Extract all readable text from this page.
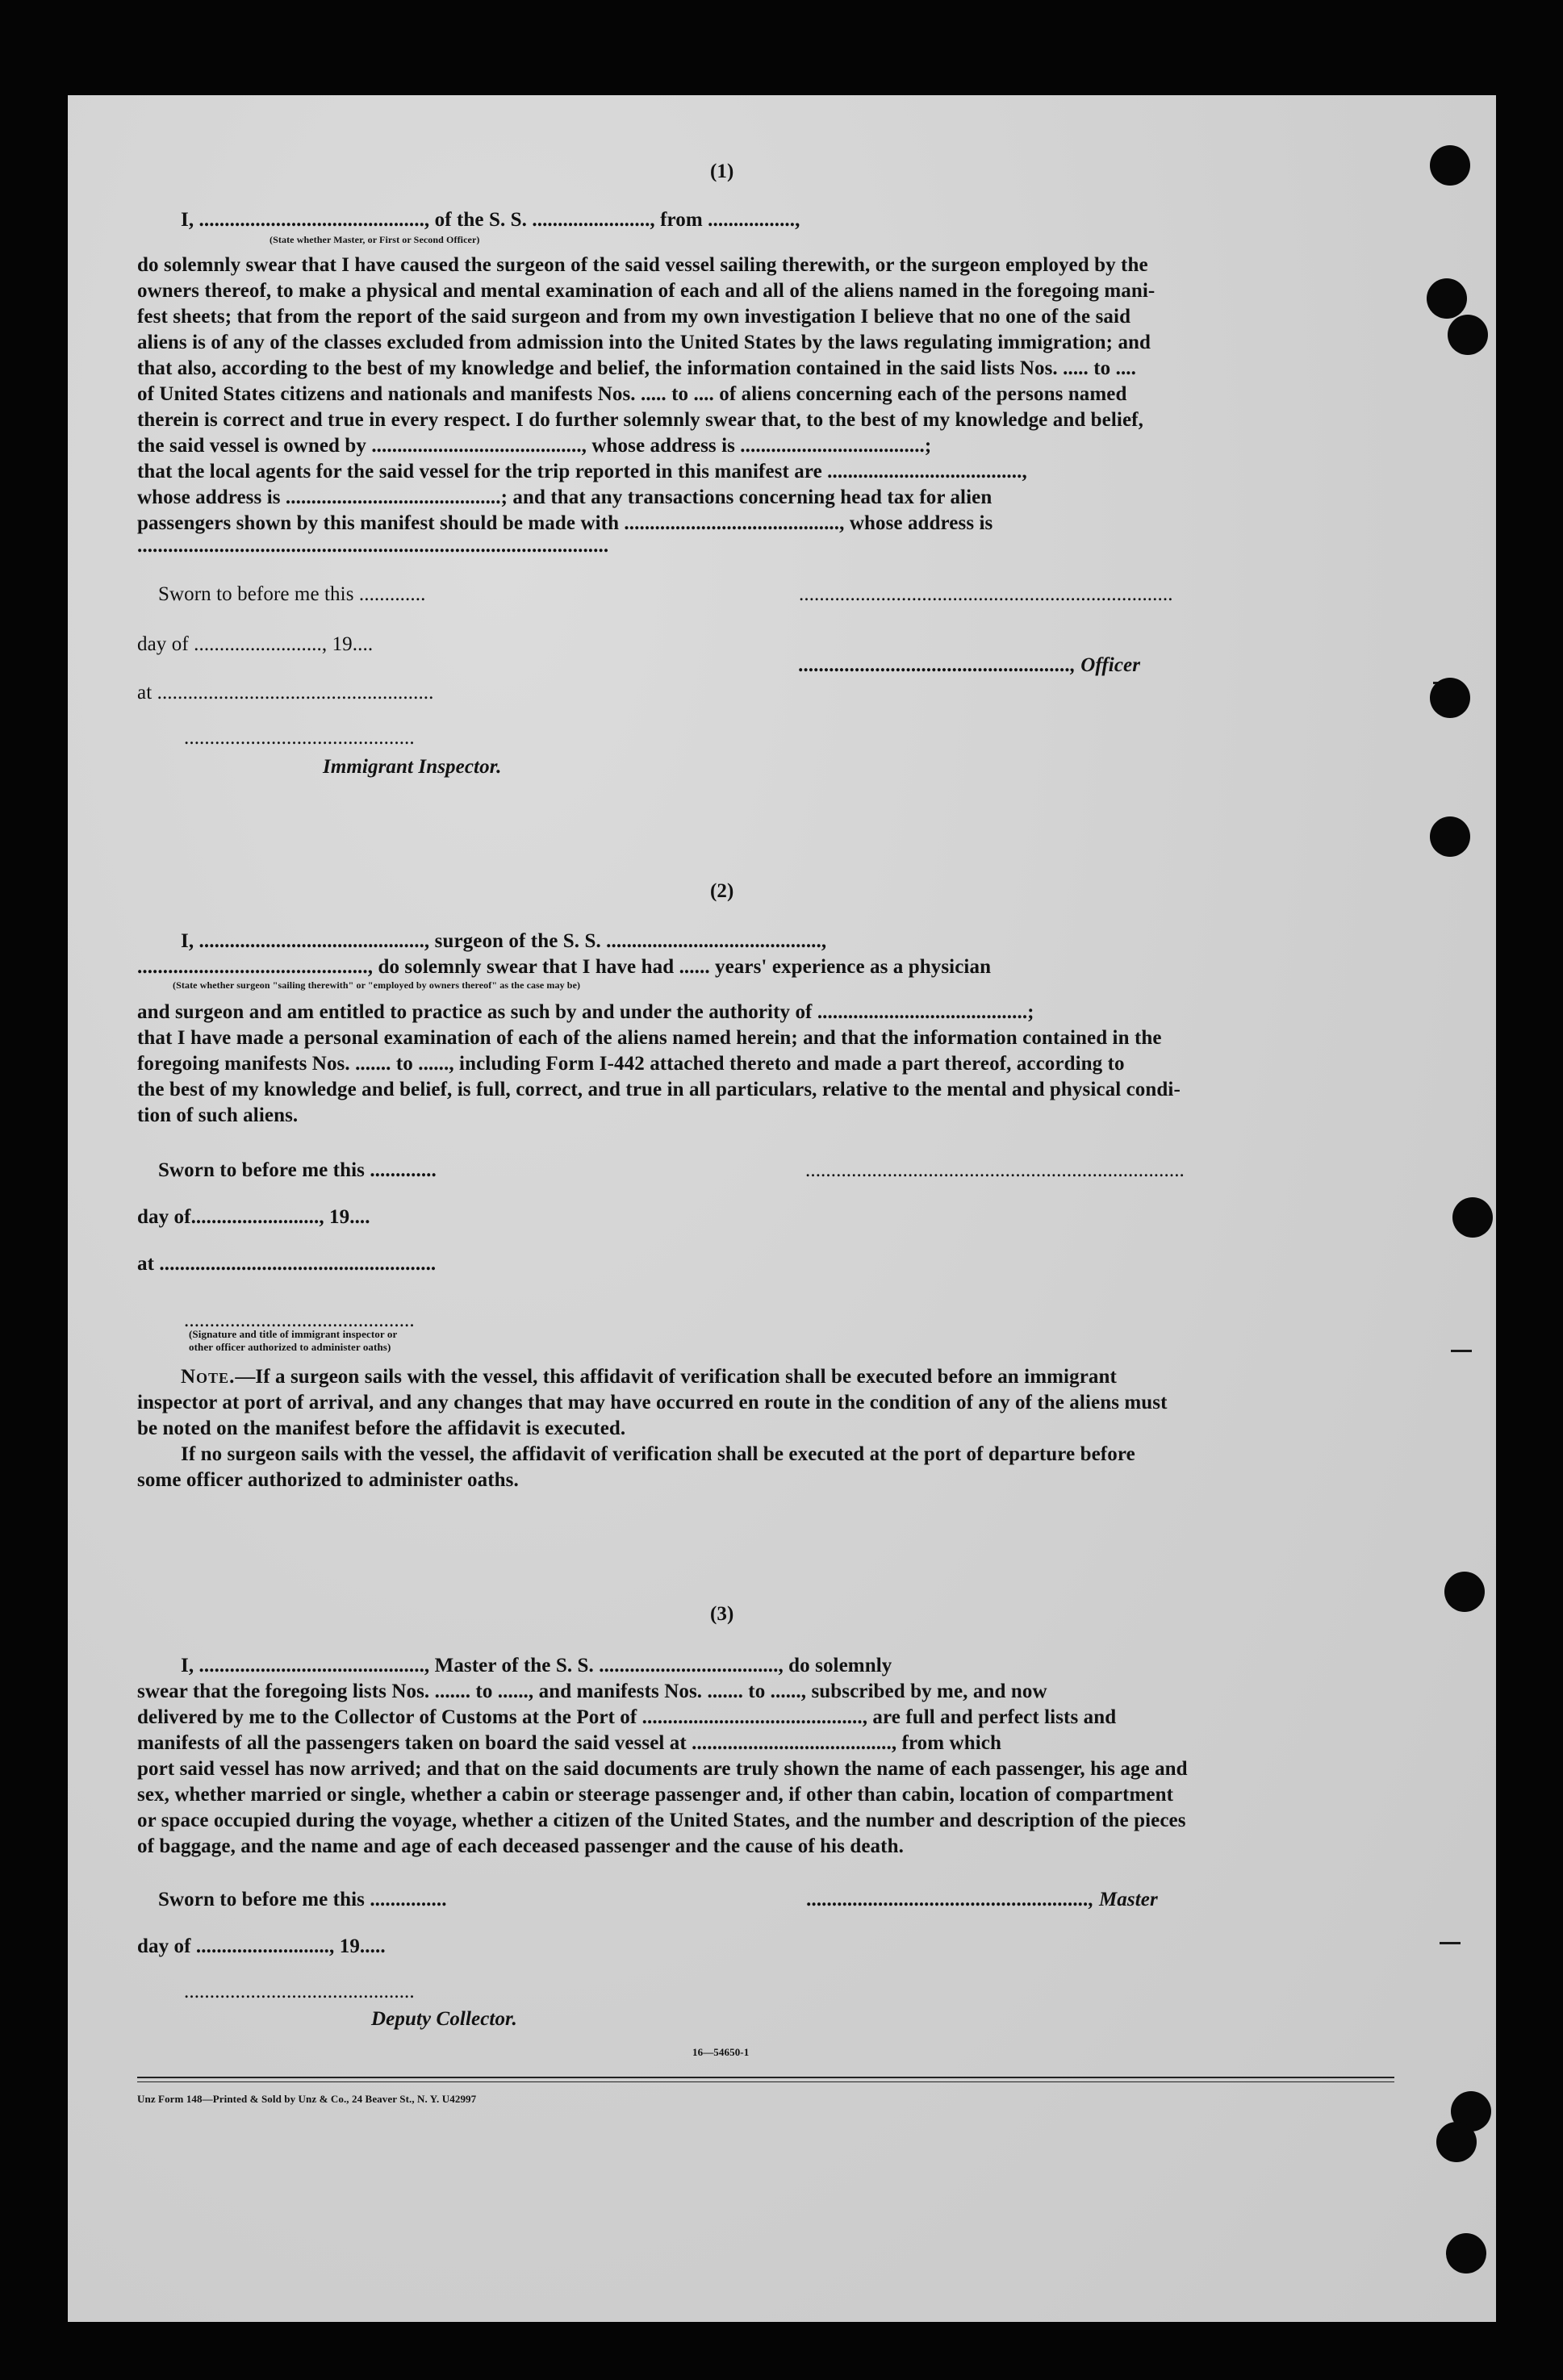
(1)
I, ............................................, of the S. S. ......................., from .................,
(State whether Master, or First or Second Officer)
do solemnly swear that I have caused the surgeon of the said vessel sailing therewith, or the surgeon employed by the
owners thereof, to make a physical and mental examination of each and all of the aliens named in the foregoing mani-
fest sheets; that from the report of the said surgeon and from my own investigation I believe that no one of the said
aliens is of any of the classes excluded from admission into the United States by the laws regulating immigration; and
that also, according to the best of my knowledge and belief, the information contained in the said lists Nos. ..... to ....
of United States citizens and nationals and manifests Nos. ..... to .... of aliens concerning each of the persons named
therein is correct and true in every respect. I do further solemnly swear that, to the best of my knowledge and belief,
the said vessel is owned by ........................................., whose address is ....................................;
that the local agents for the said vessel for the trip reported in this manifest are ......................................,
whose address is ..........................................; and that any transactions concerning head tax for alien
passengers shown by this manifest should be made with .........................................., whose address is
............................................................................................
Sworn to before me this .............	.........................................................................
day of ........................., 19....
....................................................., Officer
at ......................................................
.............................................
Immigrant Inspector.
(2)
I, ............................................, surgeon of the S. S. ..........................................,
............................................., do solemnly swear that I have had ...... years' experience as a physician
(State whether surgeon "sailing therewith" or "employed by owners thereof" as the case may be)
and surgeon and am entitled to practice as such by and under the authority of .........................................;
that I have made a personal examination of each of the aliens named herein; and that the information contained in the
foregoing manifests Nos. ....... to ......, including Form I-442 attached thereto and made a part thereof, according to
the best of my knowledge and belief, is full, correct, and true in all particulars, relative to the mental and physical condi-
tion of such aliens.
Sworn to before me this .............	..........................................................................
day of........................., 19....
at ......................................................
.............................................
(Signature and title of immigrant inspector or
other officer authorized to administer oaths)
Note.—If a surgeon sails with the vessel, this affidavit of verification shall be executed before an immigrant
inspector at port of arrival, and any changes that may have occurred en route in the condition of any of the aliens must
be noted on the manifest before the affidavit is executed.
If no surgeon sails with the vessel, the affidavit of verification shall be executed at the port of departure before
some officer authorized to administer oaths.
(3)
I, ............................................, Master of the S. S. ..................................., do solemnly
swear that the foregoing lists Nos. ....... to ......, and manifests Nos. ....... to ......, subscribed by me, and now
delivered by me to the Collector of Customs at the Port of ..........................................., are full and perfect lists and
manifests of all the passengers taken on board the said vessel at ......................................., from which
port said vessel has now arrived; and that on the said documents are truly shown the name of each passenger, his age and
sex, whether married or single, whether a cabin or steerage passenger and, if other than cabin, location of compartment
or space occupied during the voyage, whether a citizen of the United States, and the number and description of the pieces
of baggage, and the name and age of each deceased passenger and the cause of his death.
Sworn to before me this ...............	......................................................., Master
day of .........................., 19.....
.............................................
Deputy Collector.
16—54650-1
Unz Form 148—Printed & Sold by Unz & Co., 24 Beaver St., N. Y. U42997
